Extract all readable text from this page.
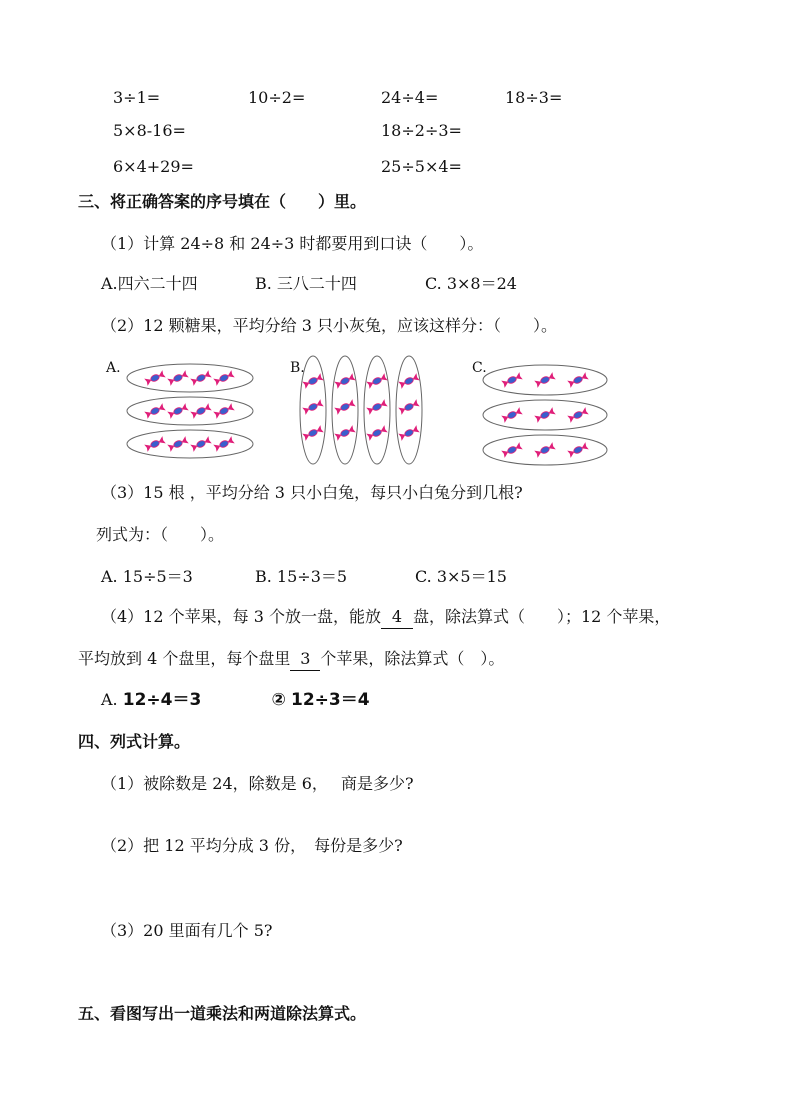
3÷1=	10÷2=	24÷4=	18÷3=
5×8-16=	18÷2÷3=
6×4+29=	25÷5×4=
三、将正确答案的序号填在（　　）里。
（1）计算 24÷8 和 24÷3 时都要用到口诀（　　）。
A.四六二十四	B. 三八二十四	C. 3×8＝24
（2）12 颗糖果，平均分给 3 只小灰兔，应该这样分：（　　）。
A.	B.	C.
（3）15 根 ，平均分给 3 只小白兔，每只小白兔分到几根?
列式为：（　　）。
A. 15÷5＝3	B. 15÷3＝5	C. 3×5＝15
（4）12 个苹果，每 3 个放一盘，能放 4 盘，除法算式（　　）；12 个苹果，
平均放到 4 个盘里，每个盘里 3 个苹果，除法算式（　）。
A. 12÷4＝3	② 12÷3＝4
四、列式计算。
（1）被除数是 24，除数是 6，　 商是多少?
（2）把 12 平均分成 3 份，　每份是多少?
（3）20 里面有几个 5?
五、看图写出一道乘法和两道除法算式。
